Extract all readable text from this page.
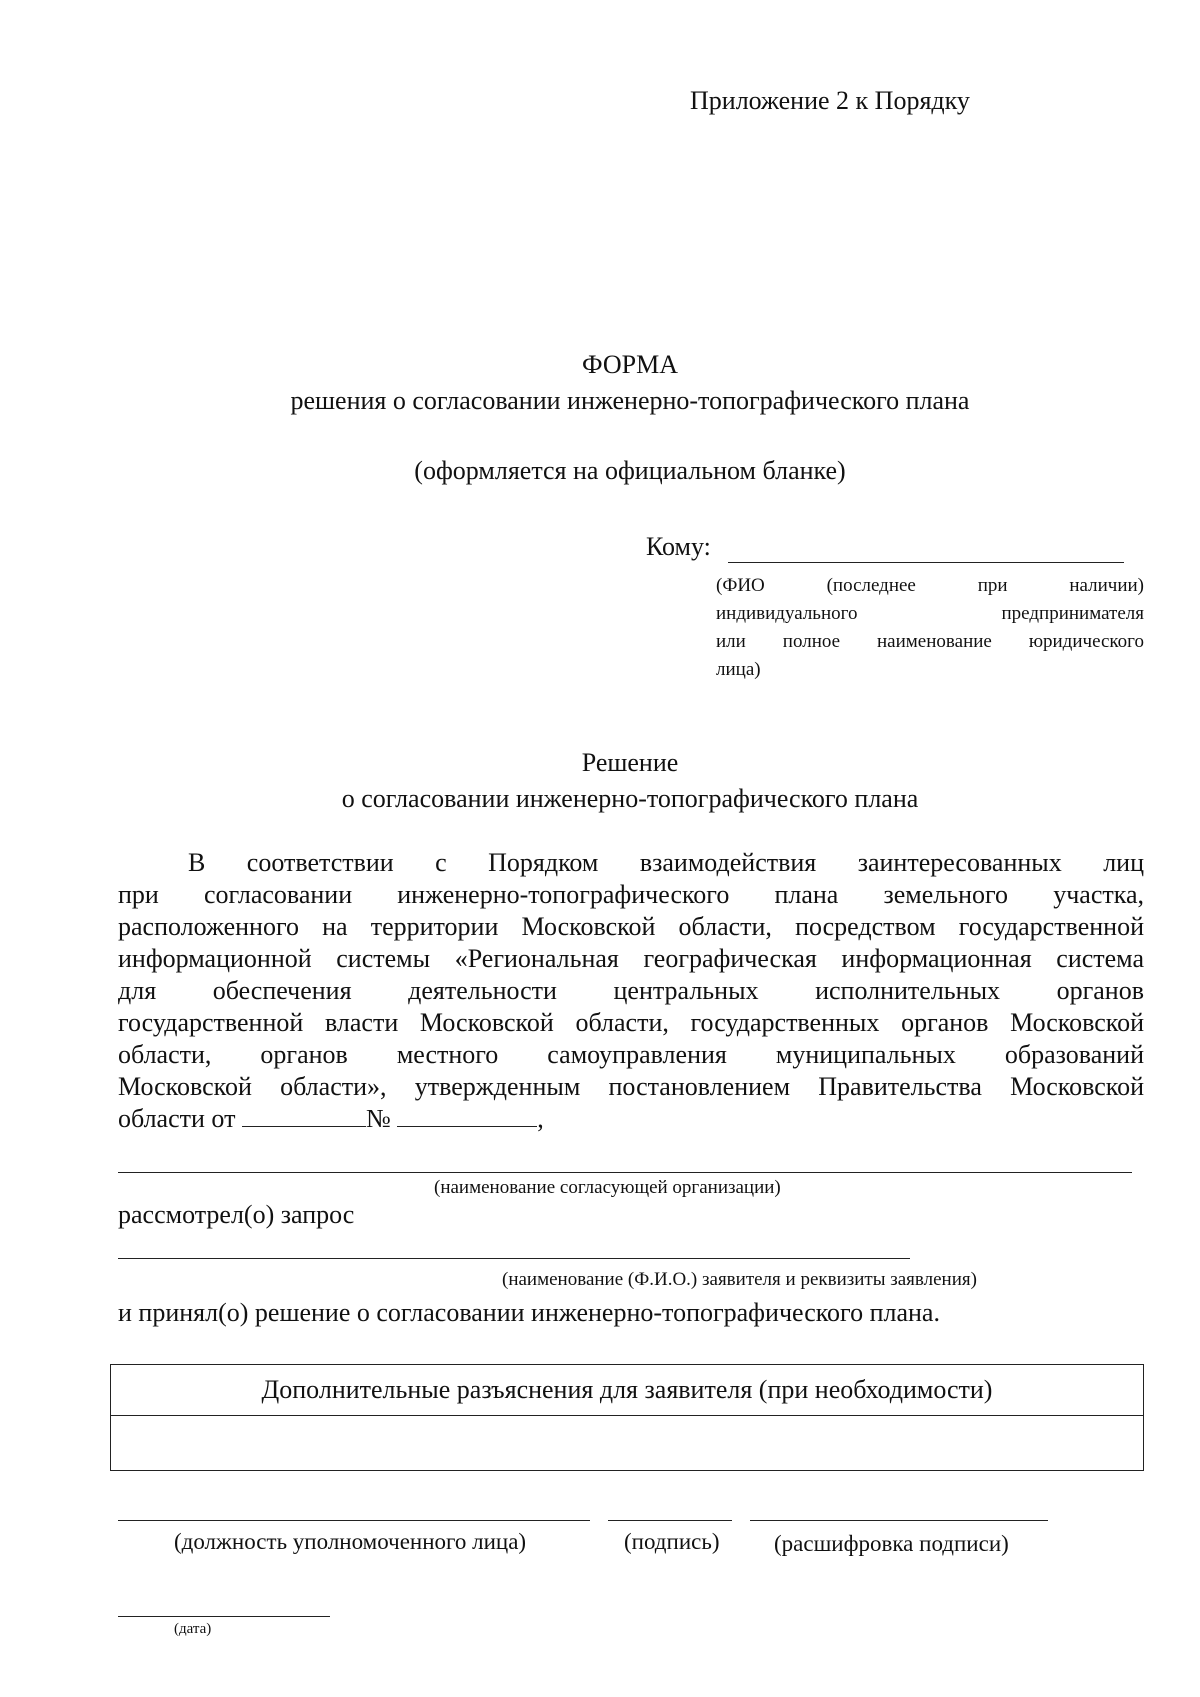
Приложение 2 к Порядку
ФОРМА
решения о согласовании инженерно-топографического плана
(оформляется на официальном бланке)
Кому:
(ФИО (последнее при наличии)
индивидуального предпринимателя
или полное наименование юридического
лица)
Решение
о согласовании инженерно-топографического плана
В соответствии с Порядком взаимодействия заинтересованных лиц
при согласовании инженерно-топографического плана земельного участка,
расположенного на территории Московской области, посредством государственной
информационной системы «Региональная географическая информационная система
для обеспечения деятельности центральных исполнительных органов
государственной власти Московской области, государственных органов Московской
области, органов местного самоуправления муниципальных образований
Московской области», утвержденным постановлением Правительства Московской
области от	№	,
(наименование согласующей организации)
рассмотрел(о) запрос
(наименование (Ф.И.О.) заявителя и реквизиты заявления)
и принял(о) решение о согласовании инженерно-топографического плана.
Дополнительные разъяснения для заявителя (при необходимости)

(должность уполномоченного лица)	(подпись) (расшифровка подписи)
(дата)
